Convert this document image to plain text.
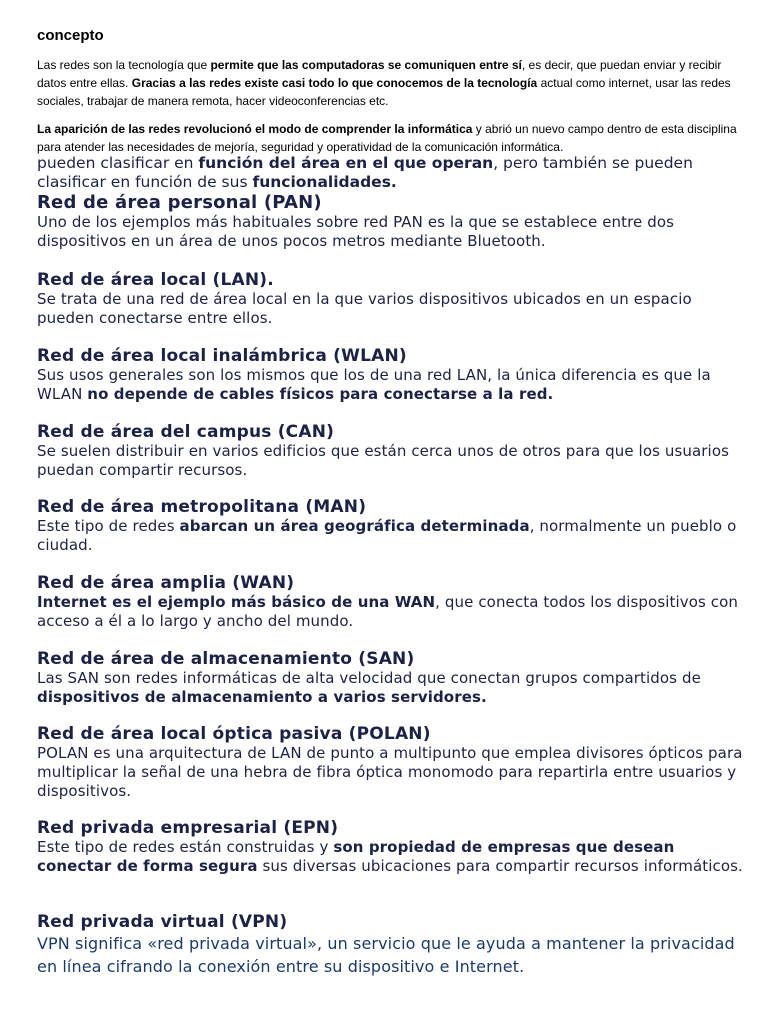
concepto

Las redes son la tecnología que permite que las computadoras se comuniquen entre sí, es decir, que puedan enviar y recibir datos entre ellas. Gracias a las redes existe casi todo lo que conocemos de la tecnología actual como internet, usar las redes sociales, trabajar de manera remota, hacer videoconferencias etc.

La aparición de las redes revolucionó el modo de comprender la informática y abrió un nuevo campo dentro de esta disciplina para atender las necesidades de mejoría, seguridad y operatividad de la comunicación informática.

pueden clasificar en función del área en el que operan, pero también se pueden clasificar en función de sus funcionalidades.

Red de área personal (PAN)

Uno de los ejemplos más habituales sobre red PAN es la que se establece entre dos dispositivos en un área de unos pocos metros mediante Bluetooth.

Red de área local (LAN).

Se trata de una red de área local en la que varios dispositivos ubicados en un espacio pueden conectarse entre ellos.

Red de área local inalámbrica (WLAN)

Sus usos generales son los mismos que los de una red LAN, la única diferencia es que la WLAN no depende de cables físicos para conectarse a la red.

Red de área del campus (CAN)

Se suelen distribuir en varios edificios que están cerca unos de otros para que los usuarios puedan compartir recursos.

Red de área metropolitana (MAN)

Este tipo de redes abarcan un área geográfica determinada, normalmente un pueblo o ciudad.

Red de área amplia (WAN)

Internet es el ejemplo más básico de una WAN, que conecta todos los dispositivos con acceso a él a lo largo y ancho del mundo.

Red de área de almacenamiento (SAN)

Las SAN son redes informáticas de alta velocidad que conectan grupos compartidos de dispositivos de almacenamiento a varios servidores.

Red de área local óptica pasiva (POLAN)

POLAN es una arquitectura de LAN de punto a multipunto que emplea divisores ópticos para multiplicar la señal de una hebra de fibra óptica monomodo para repartirla entre usuarios y dispositivos.

Red privada empresarial (EPN)

Este tipo de redes están construidas y son propiedad de empresas que desean conectar de forma segura sus diversas ubicaciones para compartir recursos informáticos.

Red privada virtual (VPN)

VPN significa «red privada virtual», un servicio que le ayuda a mantener la privacidad en línea cifrando la conexión entre su dispositivo e Internet.
